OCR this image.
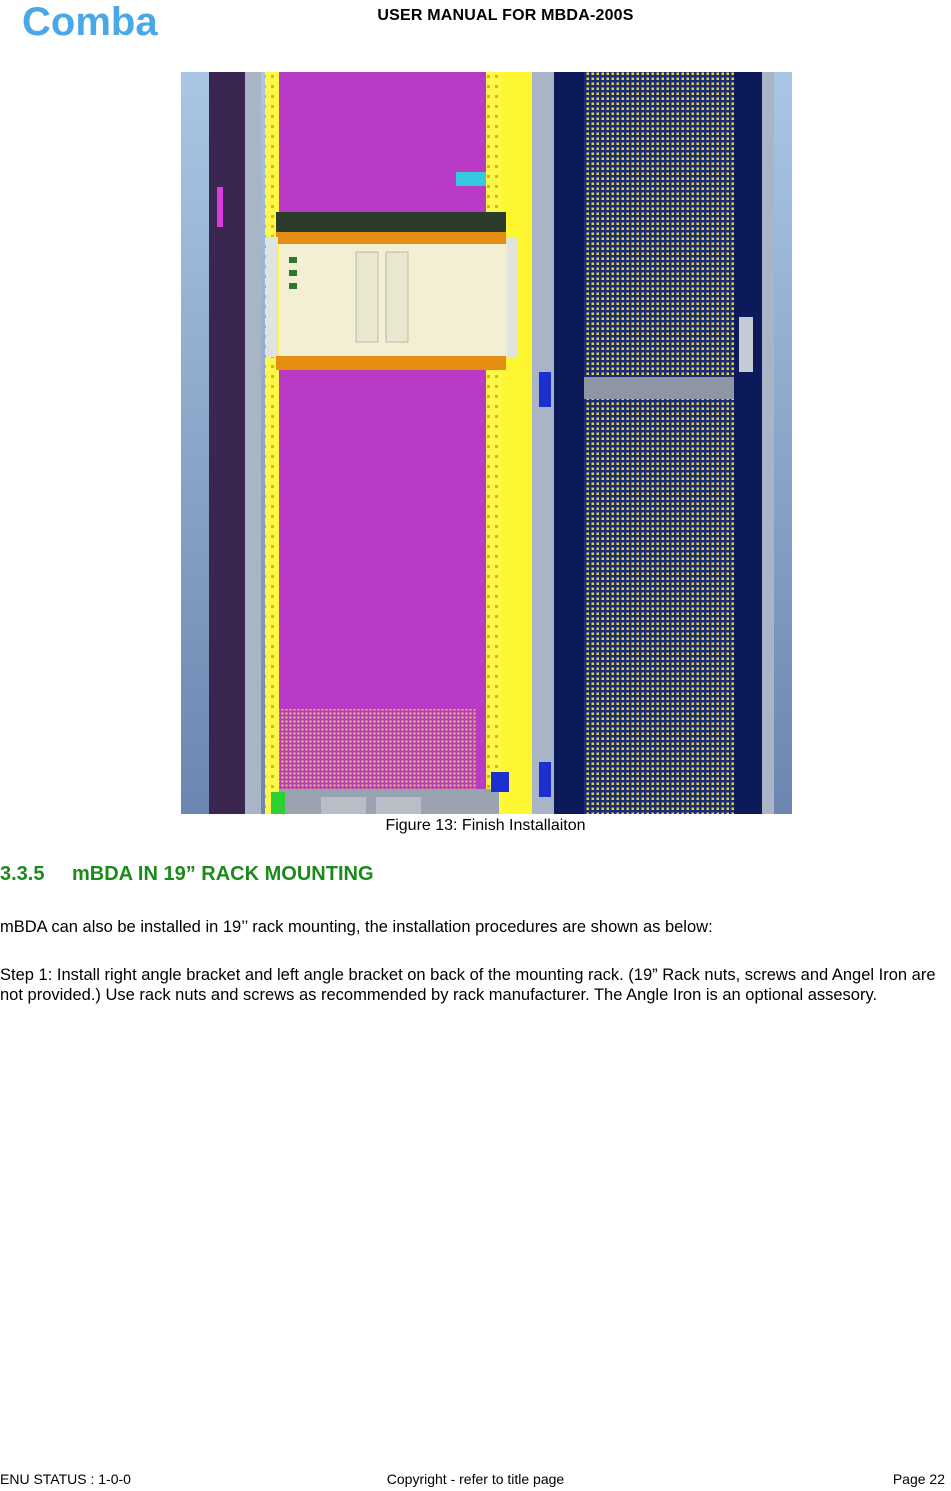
Comba	USER MANUAL FOR MBDA-200S
Figure 13: Finish Installaiton
3.3.5 mBDA IN 19” RACK MOUNTING
mBDA can also be installed in 19’’ rack mounting, the installation procedures are shown as below:
Step 1: Install right angle bracket and left angle bracket on back of the mounting rack. (19” Rack nuts, screws and Angel Iron are not provided.) Use rack nuts and screws as recommended by rack manufacturer. The Angle Iron is an optional assesory.
ENU STATUS : 1-0-0	Copyright - refer to title page	Page 22
